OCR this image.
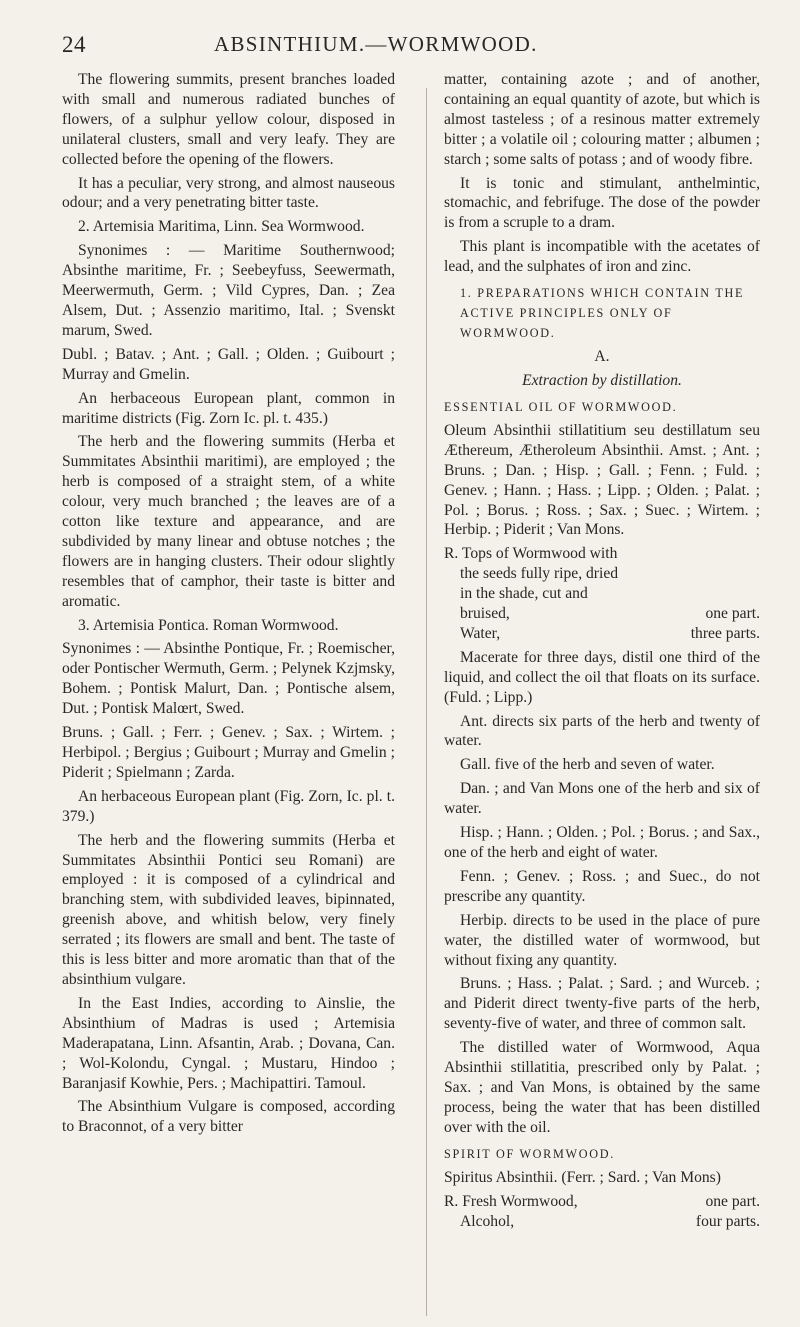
24	ABSINTHIUM.—WORMWOOD.

The flowering summits, present branches loaded with small and numerous radiated bunches of flowers, of a sulphur yellow colour, disposed in unilateral clusters, small and very leafy. They are collected before the opening of the flowers.

It has a peculiar, very strong, and almost nauseous odour; and a very penetrating bitter taste.

2. Artemisia Maritima, Linn. Sea Wormwood.

Synonimes : — Maritime Southernwood; Absinthe maritime, Fr. ; Seebeyfuss, Seewermath, Meerwermuth, Germ. ; Vild Cypres, Dan. ; Zea Alsem, Dut. ; Assenzio maritimo, Ital. ; Svenskt marum, Swed.

Dubl. ; Batav. ; Ant. ; Gall. ; Olden. ; Guibourt ; Murray and Gmelin.

An herbaceous European plant, common in maritime districts (Fig. Zorn Ic. pl. t. 435.)

The herb and the flowering summits (Herba et Summitates Absinthii maritimi), are employed ; the herb is composed of a straight stem, of a white colour, very much branched ; the leaves are of a cotton like texture and appearance, and are subdivided by many linear and obtuse notches ; the flowers are in hanging clusters. Their odour slightly resembles that of camphor, their taste is bitter and aromatic.

3. Artemisia Pontica. Roman Wormwood.

Synonimes : — Absinthe Pontique, Fr. ; Roemischer, oder Pontischer Wermuth, Germ. ; Pelynek Kzjmsky, Bohem. ; Pontisk Malurt, Dan. ; Pontische alsem, Dut. ; Pontisk Malœrt, Swed.

Bruns. ; Gall. ; Ferr. ; Genev. ; Sax. ; Wirtem. ; Herbipol. ; Bergius ; Guibourt ; Murray and Gmelin ; Piderit ; Spielmann ; Zarda.

An herbaceous European plant (Fig. Zorn, Ic. pl. t. 379.)

The herb and the flowering summits (Herba et Summitates Absinthii Pontici seu Romani) are employed : it is composed of a cylindrical and branching stem, with subdivided leaves, bipinnated, greenish above, and whitish below, very finely serrated ; its flowers are small and bent. The taste of this is less bitter and more aromatic than that of the absinthium vulgare.

In the East Indies, according to Ainslie, the Absinthium of Madras is used ; Artemisia Maderapatana, Linn. Afsantin, Arab. ; Dovana, Can. ; Wol-Kolondu, Cyngal. ; Mustaru, Hindoo ; Baranjasif Kowhie, Pers. ; Machipattiri. Tamoul.

The Absinthium Vulgare is composed, according to Braconnot, of a very bitter

matter, containing azote ; and of another, containing an equal quantity of azote, but which is almost tasteless ; of a resinous matter extremely bitter ; a volatile oil ; colouring matter ; albumen ; starch ; some salts of potass ; and of woody fibre.

It is tonic and stimulant, anthelmintic, stomachic, and febrifuge. The dose of the powder is from a scruple to a dram.

This plant is incompatible with the acetates of lead, and the sulphates of iron and zinc.

1. PREPARATIONS WHICH CONTAIN THE ACTIVE PRINCIPLES ONLY OF WORMWOOD.

A.

Extraction by distillation.

ESSENTIAL OIL OF WORMWOOD.

Oleum Absinthii stillatitium seu destillatum seu Æthereum, Ætheroleum Absinthii. Amst. ; Ant. ; Bruns. ; Dan. ; Hisp. ; Gall. ; Fenn. ; Fuld. ; Genev. ; Hann. ; Hass. ; Lipp. ; Olden. ; Palat. ; Pol. ; Borus. ; Ross. ; Sax. ; Suec. ; Wirtem. ; Herbip. ; Piderit ; Van Mons.

R. Tops of Wormwood with
the seeds fully ripe, dried
in the shade, cut and
bruised,	one part.
Water,	three parts.

Macerate for three days, distil one third of the liquid, and collect the oil that floats on its surface. (Fuld. ; Lipp.)

Ant. directs six parts of the herb and twenty of water.

Gall. five of the herb and seven of water.

Dan. ; and Van Mons one of the herb and six of water.

Hisp. ; Hann. ; Olden. ; Pol. ; Borus. ; and Sax., one of the herb and eight of water.

Fenn. ; Genev. ; Ross. ; and Suec., do not prescribe any quantity.

Herbip. directs to be used in the place of pure water, the distilled water of wormwood, but without fixing any quantity.

Bruns. ; Hass. ; Palat. ; Sard. ; and Wurceb. ; and Piderit direct twenty-five parts of the herb, seventy-five of water, and three of common salt.

The distilled water of Wormwood, Aqua Absinthii stillatitia, prescribed only by Palat. ; Sax. ; and Van Mons, is obtained by the same process, being the water that has been distilled over with the oil.

SPIRIT OF WORMWOOD.

Spiritus Absinthii. (Ferr. ; Sard. ; Van Mons)

R. Fresh Wormwood,	one part.
Alcohol,	four parts.
